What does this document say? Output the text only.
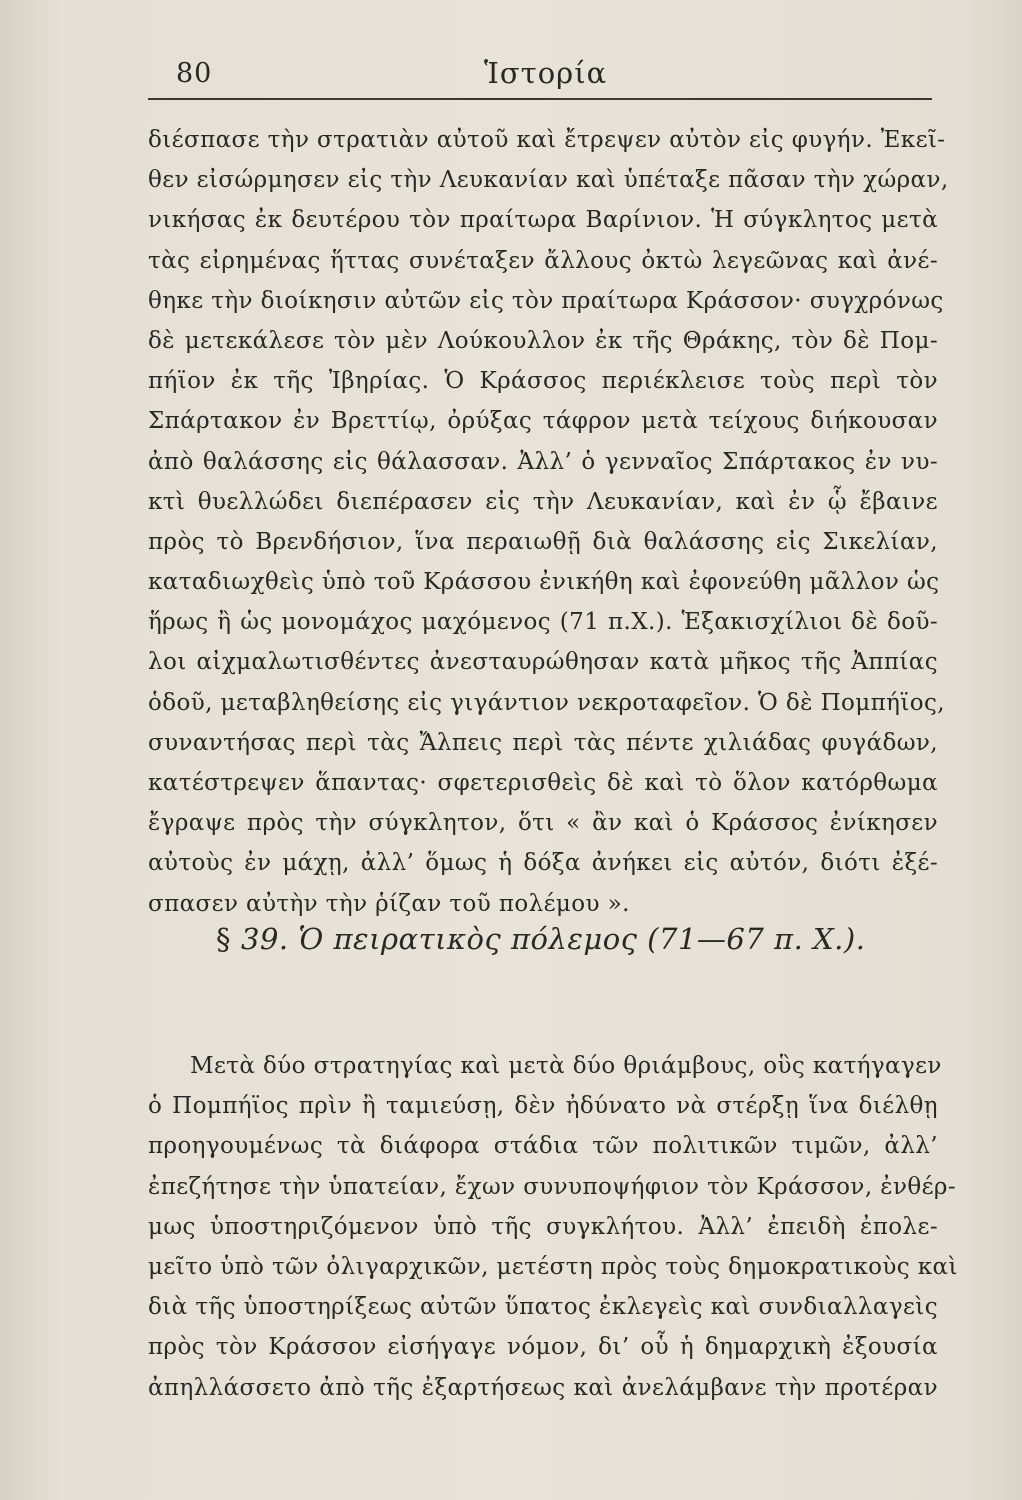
80	Ἱστορία
διέσπασε τὴν στρατιὰν αὐτοῦ καὶ ἔτρεψεν αὐτὸν εἰς φυγήν. Ἐκεῖ-
θεν εἰσώρμησεν εἰς τὴν Λευκανίαν καὶ ὑπέταξε πᾶσαν τὴν χώραν,
νικήσας ἐκ δευτέρου τὸν πραίτωρα Βαρίνιον. Ἡ σύγκλητος μετὰ
τὰς εἰρημένας ἥττας συνέταξεν ἄλλους ὀκτὼ λεγεῶνας καὶ ἀνέ-
θηκε τὴν διοίκησιν αὐτῶν εἰς τὸν πραίτωρα Κράσσον· συγχρόνως
δὲ μετεκάλεσε τὸν μὲν Λούκουλλον ἐκ τῆς Θράκης, τὸν δὲ Πομ-
πήϊον ἐκ τῆς Ἰβηρίας. Ὁ Κράσσος περιέκλεισε τοὺς περὶ τὸν
Σπάρτακον ἐν Βρεττίῳ, ὀρύξας τάφρον μετὰ τείχους διήκουσαν
ἀπὸ θαλάσσης εἰς θάλασσαν. Ἀλλ’ ὁ γενναῖος Σπάρτακος ἐν νυ-
κτὶ θυελλώδει διεπέρασεν εἰς τὴν Λευκανίαν, καὶ ἐν ᾧ ἔβαινε
πρὸς τὸ Βρενδήσιον, ἵνα περαιωθῇ διὰ θαλάσσης εἰς Σικελίαν,
καταδιωχθεὶς ὑπὸ τοῦ Κράσσου ἐνικήθη καὶ ἐφονεύθη μᾶλλον ὡς
ἥρως ἢ ὡς μονομάχος μαχόμενος (71 π.Χ.). Ἑξακισχίλιοι δὲ δοῦ-
λοι αἰχμαλωτισθέντες ἀνεσταυρώθησαν κατὰ μῆκος τῆς Ἀππίας
ὁδοῦ, μεταβληθείσης εἰς γιγάντιον νεκροταφεῖον. Ὁ δὲ Πομπήϊος,
συναντήσας περὶ τὰς Ἄλπεις περὶ τὰς πέντε χιλιάδας φυγάδων,
κατέστρεψεν ἅπαντας· σφετερισθεὶς δὲ καὶ τὸ ὅλον κατόρθωμα
ἔγραψε πρὸς τὴν σύγκλητον, ὅτι « ἂν καὶ ὁ Κράσσος ἐνίκησεν
αὐτοὺς ἐν μάχῃ, ἀλλ’ ὅμως ἡ δόξα ἀνήκει εἰς αὐτόν, διότι ἐξέ-
σπασεν αὐτὴν τὴν ῥίζαν τοῦ πολέμου ».
§ 39. Ὁ πειρατικὸς πόλεμος (71—67 π. Χ.).
Μετὰ δύο στρατηγίας καὶ μετὰ δύο θριάμβους, οὓς κατήγαγεν
ὁ Πομπήϊος πρὶν ἢ ταμιεύσῃ, δὲν ἠδύνατο νὰ στέρξῃ ἵνα διέλθῃ
προηγουμένως τὰ διάφορα στάδια τῶν πολιτικῶν τιμῶν, ἀλλ’
ἐπεζήτησε τὴν ὑπατείαν, ἔχων συνυποψήφιον τὸν Κράσσον, ἐνθέρ-
μως ὑποστηριζόμενον ὑπὸ τῆς συγκλήτου. Ἀλλ’ ἐπειδὴ ἐπολε-
μεῖτο ὑπὸ τῶν ὀλιγαρχικῶν, μετέστη πρὸς τοὺς δημοκρατικοὺς καὶ
διὰ τῆς ὑποστηρίξεως αὐτῶν ὕπατος ἐκλεγεὶς καὶ συνδιαλλαγεὶς
πρὸς τὸν Κράσσον εἰσήγαγε νόμον, δι’ οὗ ἡ δημαρχικὴ ἐξουσία
ἀπηλλάσσετο ἀπὸ τῆς ἐξαρτήσεως καὶ ἀνελάμβανε τὴν προτέραν
